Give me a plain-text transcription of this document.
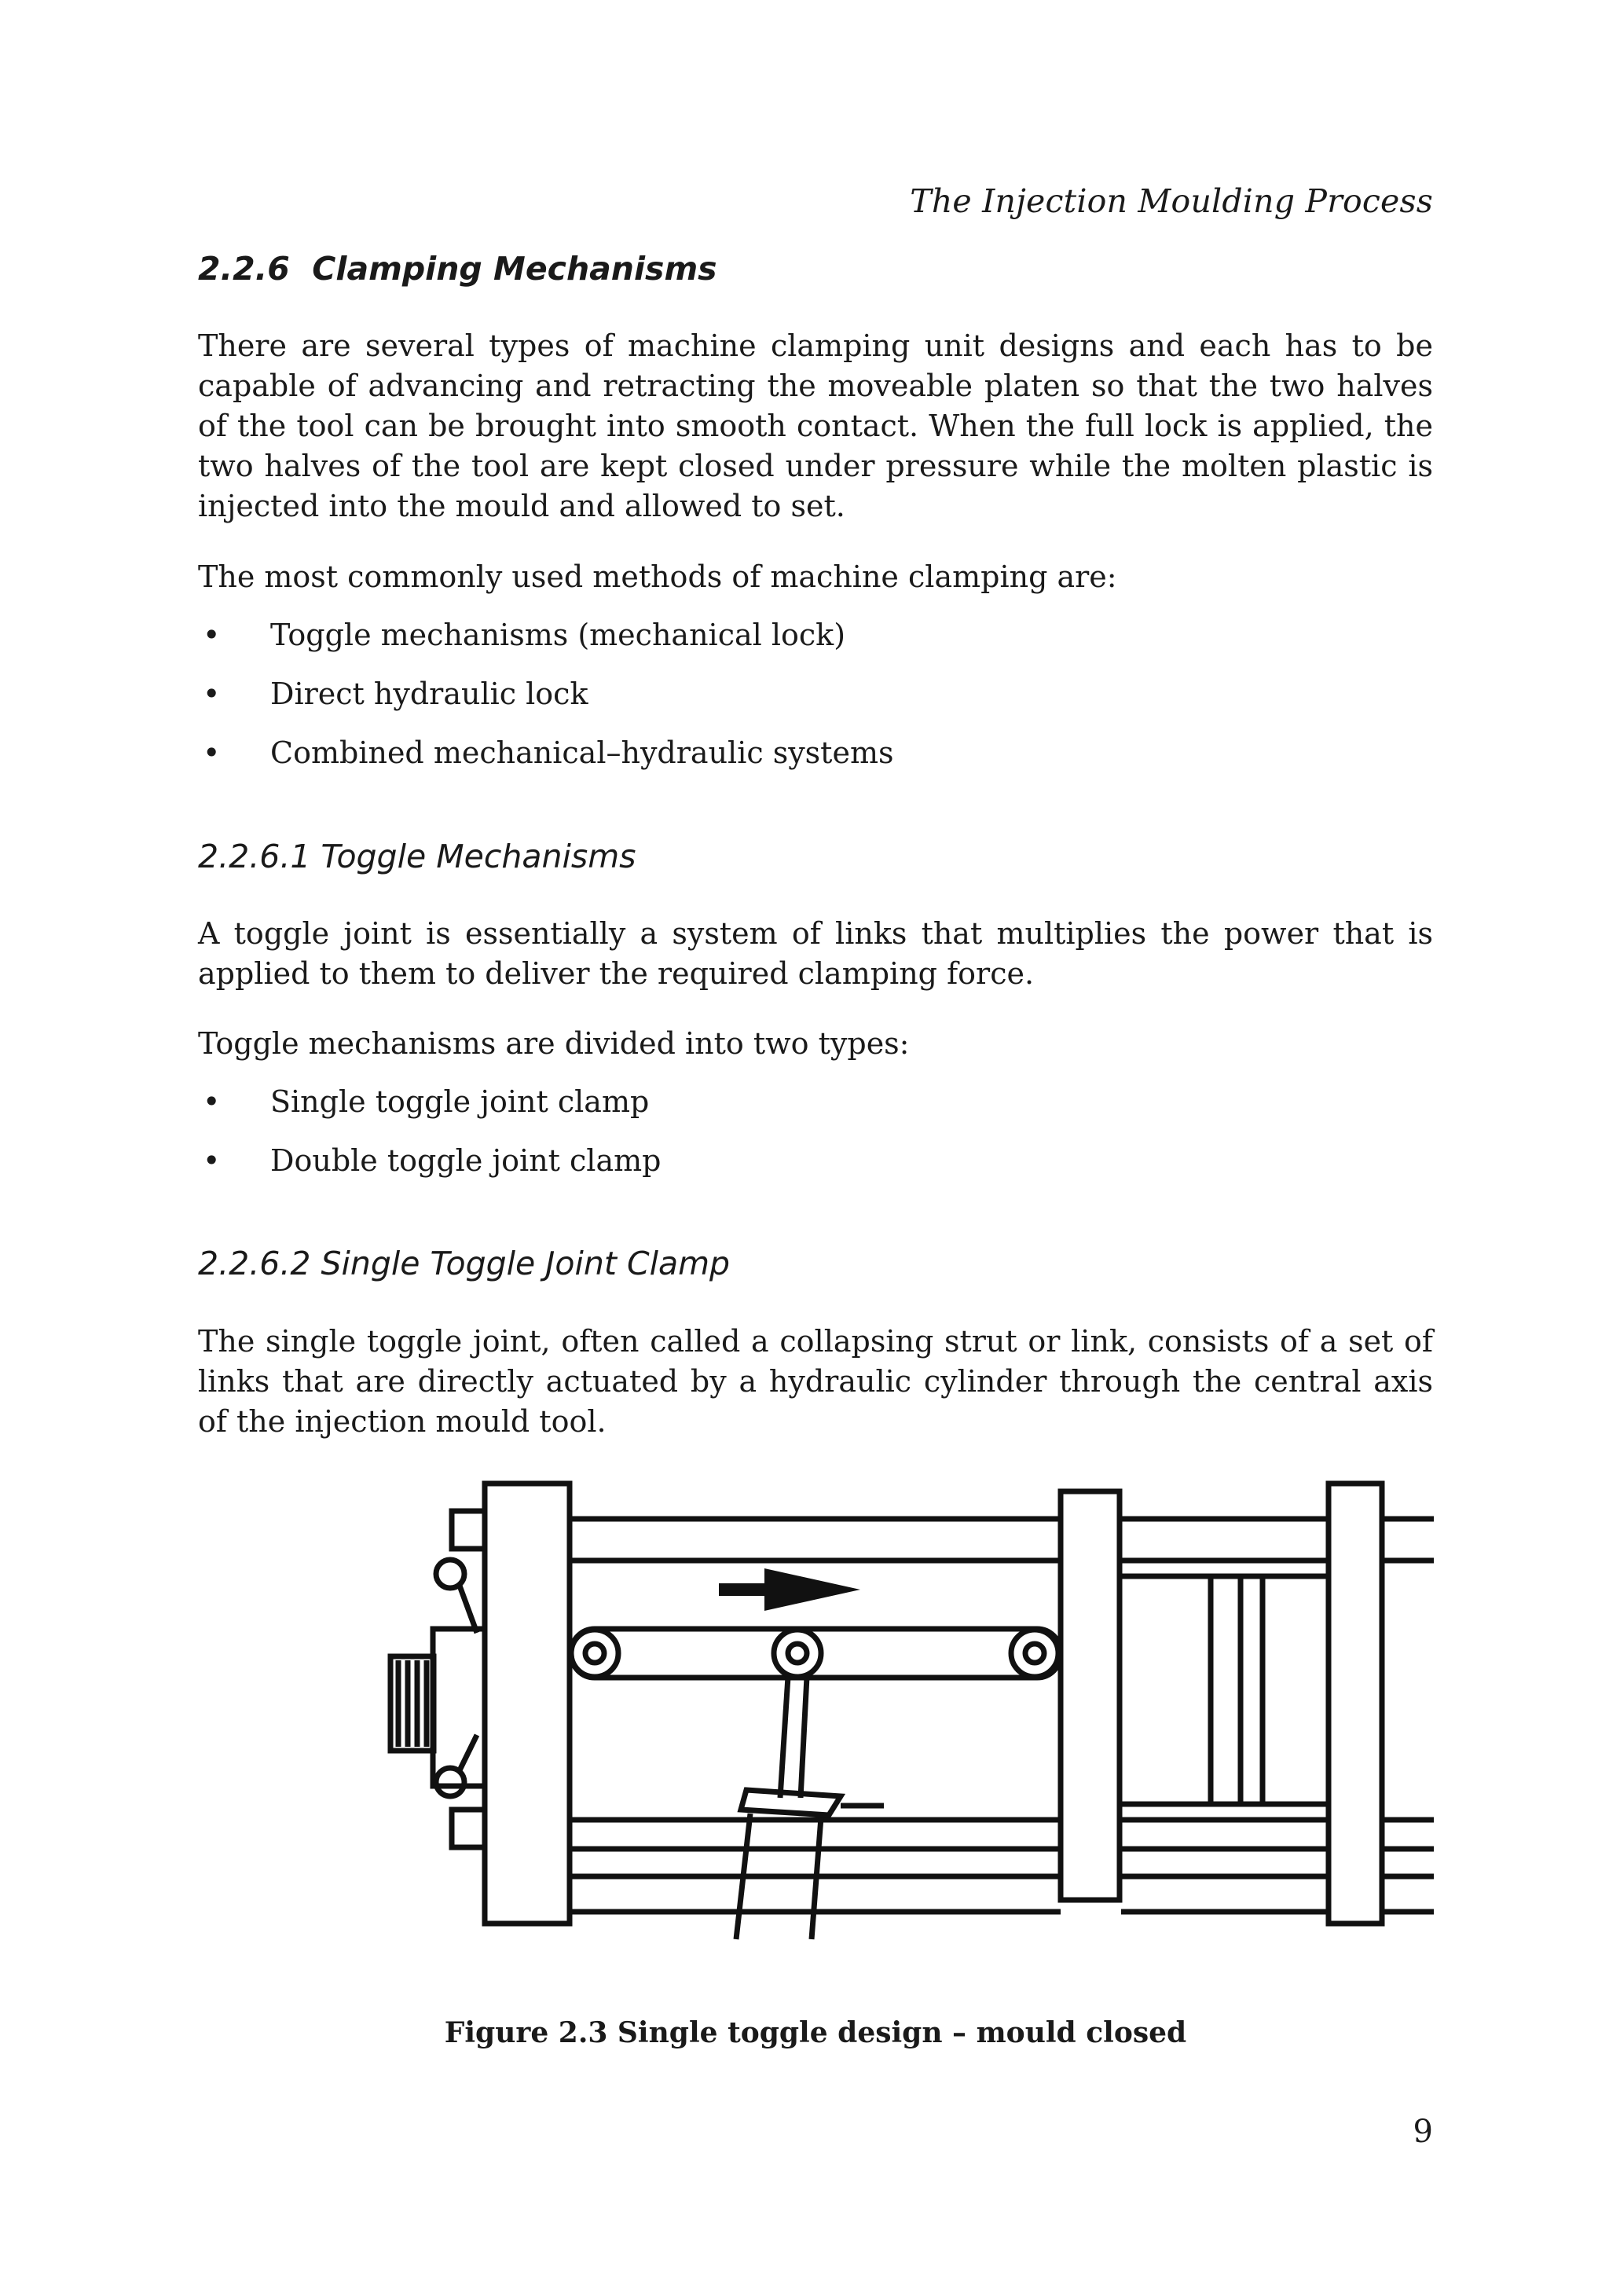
The Injection Moulding Process
2.2.6 Clamping Mechanisms

There are several types of machine clamping unit designs and each has to be capable of advancing and retracting the moveable platen so that the two halves of the tool can be brought into smooth contact. When the full lock is applied, the two halves of the tool are kept closed under pressure while the molten plastic is injected into the mould and allowed to set.

The most commonly used methods of machine clamping are:

• Toggle mechanisms (mechanical lock)
• Direct hydraulic lock
• Combined mechanical–hydraulic systems
2.2.6.1 Toggle Mechanisms

A toggle joint is essentially a system of links that multiplies the power that is applied to them to deliver the required clamping force.

Toggle mechanisms are divided into two types:

• Single toggle joint clamp
• Double toggle joint clamp
2.2.6.2 Single Toggle Joint Clamp

The single toggle joint, often called a collapsing strut or link, consists of a set of links that are directly actuated by a hydraulic cylinder through the central axis of the injection mould tool.

Figure 2.3 Single toggle design – mould closed

9
